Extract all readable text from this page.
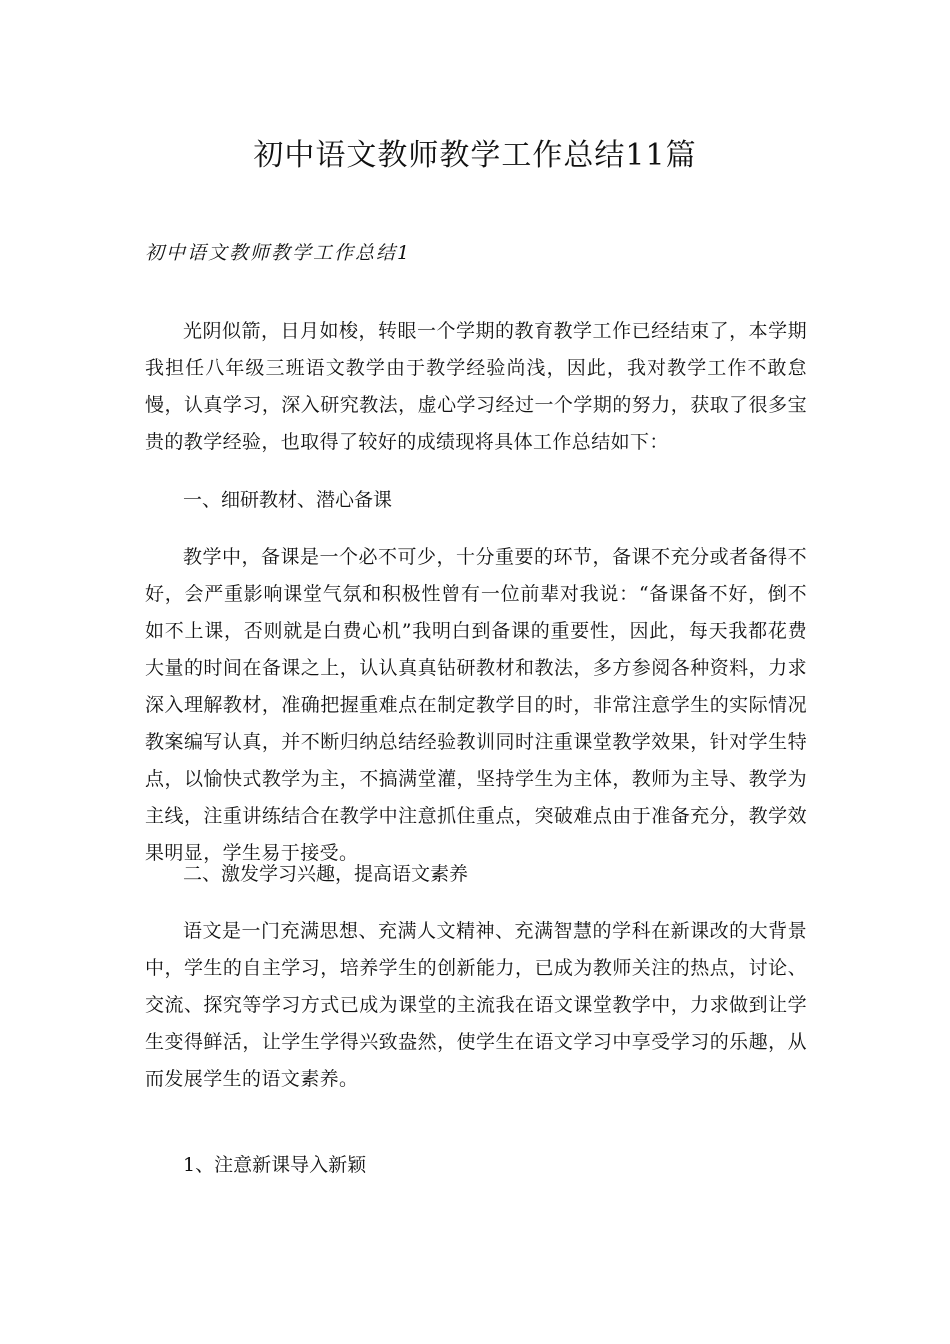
初中语文教师教学工作总结11篇
初中语文教师教学工作总结1

光阴似箭，日月如梭，转眼一个学期的教育教学工作已经结束了，本学期我担任八年级三班语文教学由于教学经验尚浅，因此，我对教学工作不敢怠慢，认真学习，深入研究教法，虚心学习经过一个学期的努力，获取了很多宝贵的教学经验，也取得了较好的成绩现将具体工作总结如下：

一、细研教材、潜心备课

教学中，备课是一个必不可少，十分重要的环节，备课不充分或者备得不好，会严重影响课堂气氛和积极性曾有一位前辈对我说：“备课备不好，倒不如不上课，否则就是白费心机”我明白到备课的重要性，因此，每天我都花费大量的时间在备课之上，认认真真钻研教材和教法，多方参阅各种资料，力求深入理解教材，准确把握重难点在制定教学目的时，非常注意学生的实际情况教案编写认真，并不断归纳总结经验教训同时注重课堂教学效果，针对学生特点，以愉快式教学为主，不搞满堂灌，坚持学生为主体，教师为主导、教学为主线，注重讲练结合在教学中注意抓住重点，突破难点由于准备充分，教学效果明显，学生易于接受。

二、激发学习兴趣，提高语文素养

语文是一门充满思想、充满人文精神、充满智慧的学科在新课改的大背景中，学生的自主学习，培养学生的创新能力，已成为教师关注的热点，讨论、交流、探究等学习方式已成为课堂的主流我在语文课堂教学中，力求做到让学生变得鲜活，让学生学得兴致盎然，使学生在语文学习中享受学习的乐趣，从而发展学生的语文素养。

1、注意新课导入新颖
